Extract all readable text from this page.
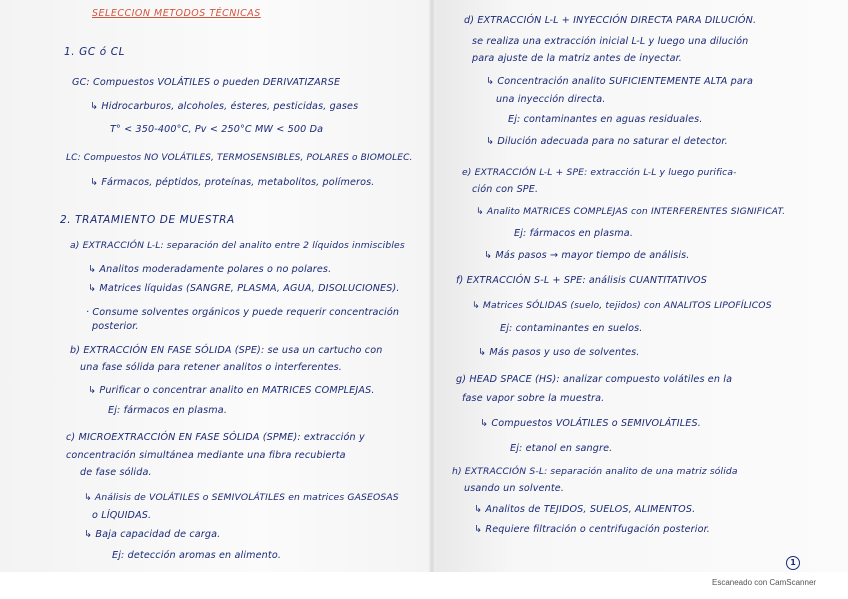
SELECCION METODOS TÉCNICAS
1. GC ó CL
GC: Compuestos VOLÁTILES o pueden DERIVATIZARSE
↳ Hidrocarburos, alcoholes, ésteres, pesticidas, gases
T° < 350-400°C, Pv < 250°C MW < 500 Da
LC: Compuestos NO VOLÁTILES, TERMOSENSIBLES, POLARES o BIOMOLEC.
↳ Fármacos, péptidos, proteínas, metabolitos, polímeros.
2. TRATAMIENTO DE MUESTRA
a) EXTRACCIÓN L-L: separación del analito entre 2 líquidos inmiscibles
↳ Analitos moderadamente polares o no polares.
↳ Matrices líquidas (SANGRE, PLASMA, AGUA, DISOLUCIONES).
· Consume solventes orgánicos y puede requerir concentración
posterior.
b) EXTRACCIÓN EN FASE SÓLIDA (SPE): se usa un cartucho con
una fase sólida para retener analitos o interferentes.
↳ Purificar o concentrar analito en MATRICES COMPLEJAS.
Ej: fármacos en plasma.
c) MICROEXTRACCIÓN EN FASE SÓLIDA (SPME): extracción y
concentración simultánea mediante una fibra recubierta
de fase sólida.
↳ Análisis de VOLÁTILES o SEMIVOLÁTILES en matrices GASEOSAS
o LÍQUIDAS.
↳ Baja capacidad de carga.
Ej: detección aromas en alimento.
d) EXTRACCIÓN L-L + INYECCIÓN DIRECTA PARA DILUCIÓN.
se realiza una extracción inicial L-L y luego una dilución
para ajuste de la matriz antes de inyectar.
↳ Concentración analito SUFICIENTEMENTE ALTA para
una inyección directa.
Ej: contaminantes en aguas residuales.
↳ Dilución adecuada para no saturar el detector.
e) EXTRACCIÓN L-L + SPE: extracción L-L y luego purifica-
ción con SPE.
↳ Analito MATRICES COMPLEJAS con INTERFERENTES SIGNIFICAT.
Ej: fármacos en plasma.
↳ Más pasos → mayor tiempo de análisis.
f) EXTRACCIÓN S-L + SPE: análisis CUANTITATIVOS
↳ Matrices SÓLIDAS (suelo, tejidos) con ANALITOS LIPOFÍLICOS
Ej: contaminantes en suelos.
↳ Más pasos y uso de solventes.
g) HEAD SPACE (HS): analizar compuesto volátiles en la
fase vapor sobre la muestra.
↳ Compuestos VOLÁTILES o SEMIVOLÁTILES.
Ej: etanol en sangre.
h) EXTRACCIÓN S-L: separación analito de una matriz sólida
usando un solvente.
↳ Analitos de TEJIDOS, SUELOS, ALIMENTOS.
↳ Requiere filtración o centrifugación posterior.
1
Escaneado con CamScanner
